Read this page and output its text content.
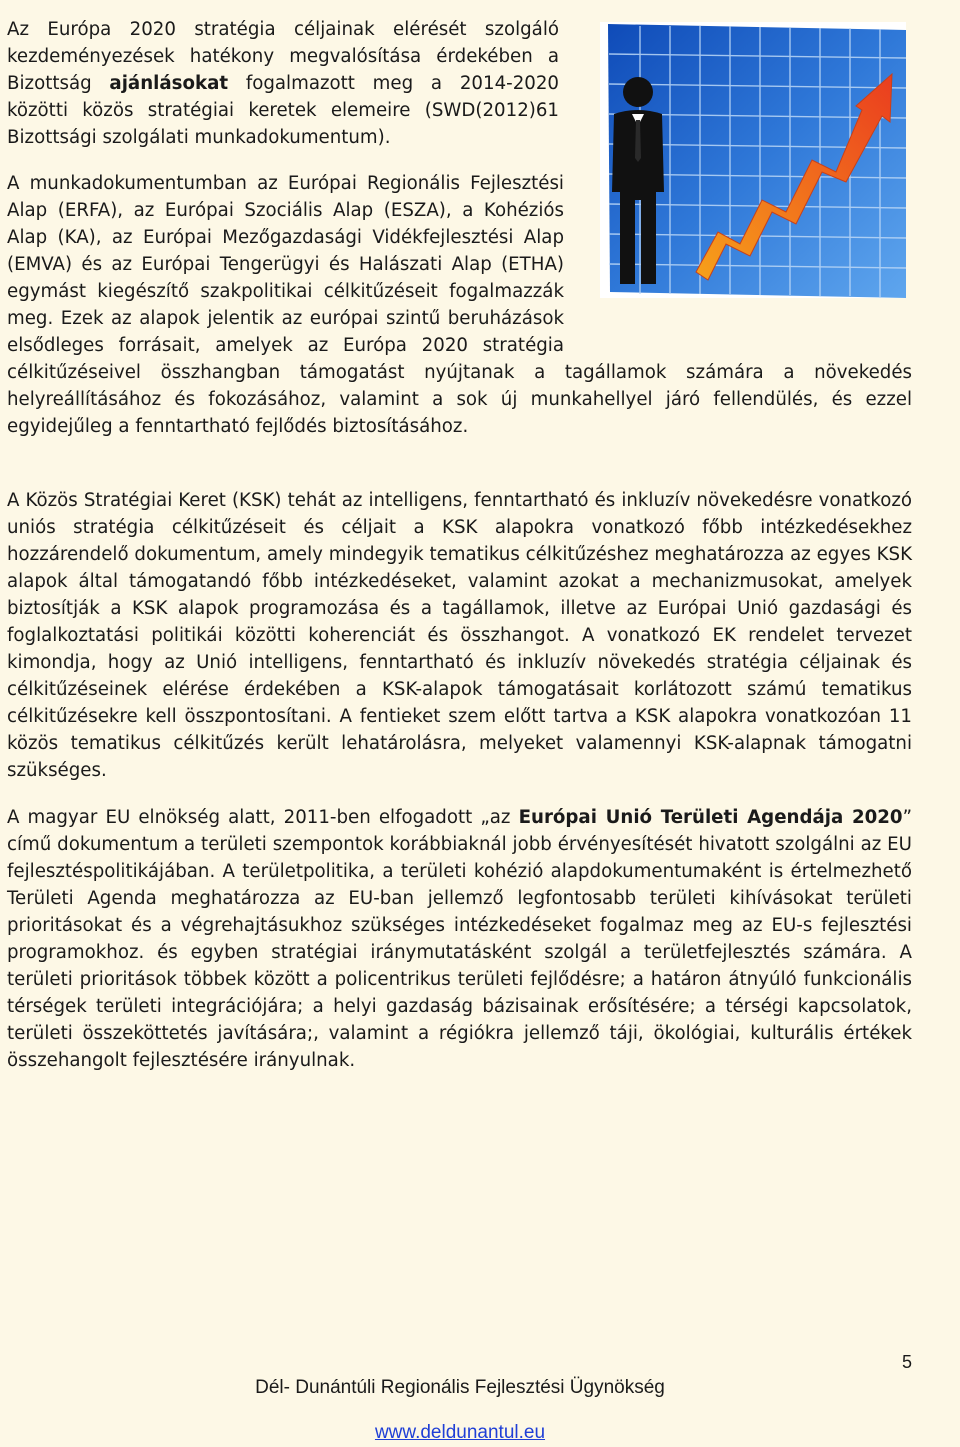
Az Európa 2020 stratégia céljainak elérését szolgáló kezdeményezések hatékony megvalósítása érdekében a Bizottság ajánlásokat fogalmazott meg a 2014-2020 közötti közös stratégiai keretek elemeire (SWD(2012)61 Bizottsági szolgálati munkadokumentum).

A munkadokumentumban az Európai Regionális Fejlesztési Alap (ERFA), az Európai Szociális Alap (ESZA), a Kohéziós Alap (KA), az Európai Mezőgazdasági Vidékfejlesztési Alap (EMVA) és az Európai Tengerügyi és Halászati Alap (ETHA) egymást kiegészítő szakpolitikai célkitűzéseit fogalmazzák meg. Ezek az alapok jelentik az európai szintű beruházások elsődleges forrásait, amelyek az Európa 2020 stratégia célkitűzéseivel összhangban támogatást nyújtanak a tagállamok számára a növekedés helyreállításához és fokozásához, valamint a sok új munkahellyel járó fellendülés, és ezzel egyidejűleg a fenntartható fejlődés biztosításához.

A Közös Stratégiai Keret (KSK) tehát az intelligens, fenntartható és inkluzív növekedésre vonatkozó uniós stratégia célkitűzéseit és céljait a KSK alapokra vonatkozó főbb intézkedésekhez hozzárendelő dokumentum, amely mindegyik tematikus célkitűzéshez meghatározza az egyes KSK alapok által támogatandó főbb intézkedéseket, valamint azokat a mechanizmusokat, amelyek biztosítják a KSK alapok programozása és a tagállamok, illetve az Európai Unió gazdasági és foglalkoztatási politikái közötti koherenciát és összhangot. A vonatkozó EK rendelet tervezet kimondja, hogy az Unió intelligens, fenntartható és inkluzív növekedés stratégia céljainak és célkitűzéseinek elérése érdekében a KSK-alapok támogatásait korlátozott számú tematikus célkitűzésekre kell összpontosítani. A fentieket szem előtt tartva a KSK alapokra vonatkozóan 11 közös tematikus célkitűzés került lehatárolásra, melyeket valamennyi KSK-alapnak támogatni szükséges.

A magyar EU elnökség alatt, 2011-ben elfogadott „az Európai Unió Területi Agendája 2020” című dokumentum a területi szempontok korábbiaknál jobb érvényesítését hivatott szolgálni az EU fejlesztéspolitikájában. A területpolitika, a területi kohézió alapdokumentumaként is értelmezhető Területi Agenda meghatározza az EU-ban jellemző legfontosabb területi kihívásokat területi prioritásokat és a végrehajtásukhoz szükséges intézkedéseket fogalmaz meg az EU-s fejlesztési programokhoz. és egyben stratégiai iránymutatásként szolgál a területfejlesztés számára. A területi prioritások többek között a policentrikus területi fejlődésre; a határon átnyúló funkcionális térségek területi integrációjára; a helyi gazdaság bázisainak erősítésére; a térségi kapcsolatok, területi összeköttetés javítására;, valamint a régiókra jellemző táji, ökológiai, kulturális értékek összehangolt fejlesztésére irányulnak.

5
Dél- Dunántúli Regionális Fejlesztési Ügynökség
www.deldunantul.eu
